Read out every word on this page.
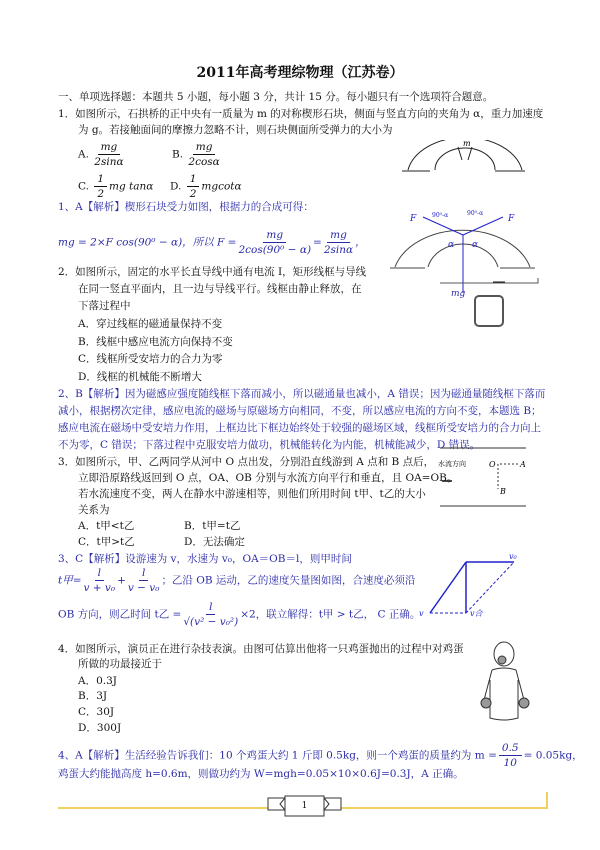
2011年高考理综物理（江苏卷）
一、单项选择题：本题共 5 小题，每小题 3 分，共计 15 分。每小题只有一个选项符合题意。
1．如图所示，石拱桥的正中央有一质量为 m 的对称楔形石块，侧面与竖直方向的夹角为 α，重力加速度
为 g。若接触面间的摩擦力忽略不计，则石块侧面所受弹力的大小为
A. $\frac{mg}{2\sin\alpha}$	B. $\frac{mg}{2\cos\alpha}$
C. $\frac{1}{2}$ mg tanα D. $\frac{1}{2}$ mgcotα
1、A【解析】楔形石块受力如图，根据力的合成可得：
mg = 2×F cos(90⁰ − α)，所以 $F = \frac{mg}{\text{2cos(90⁰ − α)}} = \frac{mg}{2\sin\alpha}$ ，
m
F	F
90⁰-α	90⁰-α
α α
mg
2．如图所示，固定的水平长直导线中通有电流 I，矩形线框与导线
在同一竖直平面内，且一边与导线平行。线框由静止释放，在
下落过程中
A．穿过线框的磁通量保持不变
B．线框中感应电流方向保持不变
C．线框所受安培力的合力为零
D．线框的机械能不断增大
2、B【解析】因为磁感应强度随线框下落而减小，所以磁通量也减小，A 错误；因为磁通量随线框下落而
减小，根据楞次定律，感应电流的磁场与原磁场方向相同，不变，所以感应电流的方向不变，本题选 B；
感应电流在磁场中受安培力作用，上框边比下框边始终处于较强的磁场区域，线框所受安培力的合力向上
不为零，C 错误；下落过程中克服安培力做功，机械能转化为内能，机械能减少，D 错误。
3．如图所示，甲、乙两同学从河中 O 点出发，分别沿直线游到 A 点和 B 点后，
立即沿原路线返回到 O 点，OA、OB 分别与水流方向平行和垂直，且 OA=OB。
若水流速度不变，两人在静水中游速相等，则他们所用时间 t甲、t乙的大小
关系为
A．t甲<t乙	B．t甲=t乙
C．t甲>t乙	D．无法确定
水流方向	O	A
B
3、C【解析】设游速为 v，水速为 v₀，OA＝OB＝l，则甲时间
t甲= $\frac{l}{\text{v + v₀}} + \frac{l}{\text{v − v₀}}$ ；乙沿 OB 运动，乙的速度矢量图如图，合速度必须沿
OB 方向，则乙时间 t乙 = $\frac{l}{\text{√(v² − v₀²)}} \times 2$，联立解得：t甲 > t乙， C 正确。
v₀
v	v合
4．如图所示，演员正在进行杂技表演。由图可估算出他将一只鸡蛋抛出的过程中对鸡蛋
所做的功最接近于
A．0.3J
B．3J
C．30J
D．300J
4、A【解析】生活经验告诉我们：10 个鸡蛋大约 1 斤即 0.5kg，则一个鸡蛋的质量约为 $m = \frac{0.5}{10} = 0.05kg$，
鸡蛋大约能抛高度 h=0.6m，则做功约为 W=mgh=0.05×10×0.6J=0.3J，A 正确。
1
